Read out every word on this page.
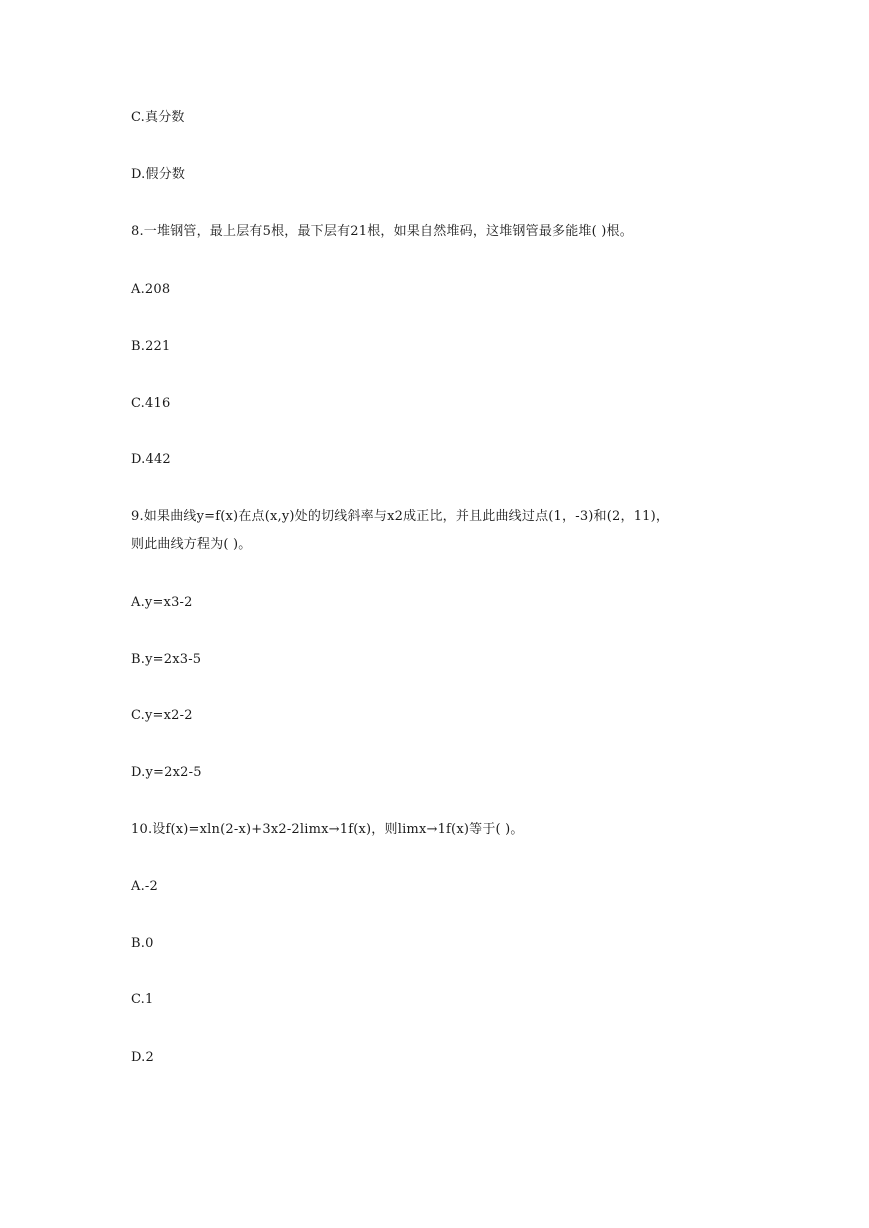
C.真分数
D.假分数
8.一堆钢管，最上层有5根，最下层有21根，如果自然堆码，这堆钢管最多能堆( )根。
A.208
B.221
C.416
D.442
9.如果曲线y=f(x)在点(x,y)处的切线斜率与x2成正比，并且此曲线过点(1，-3)和(2，11)，
则此曲线方程为( )。
A.y=x3-2
B.y=2x3-5
C.y=x2-2
D.y=2x2-5
10.设f(x)=xln(2-x)+3x2-2limx→1f(x)，则limx→1f(x)等于( )。
A.-2
B.0
C.1
D.2
